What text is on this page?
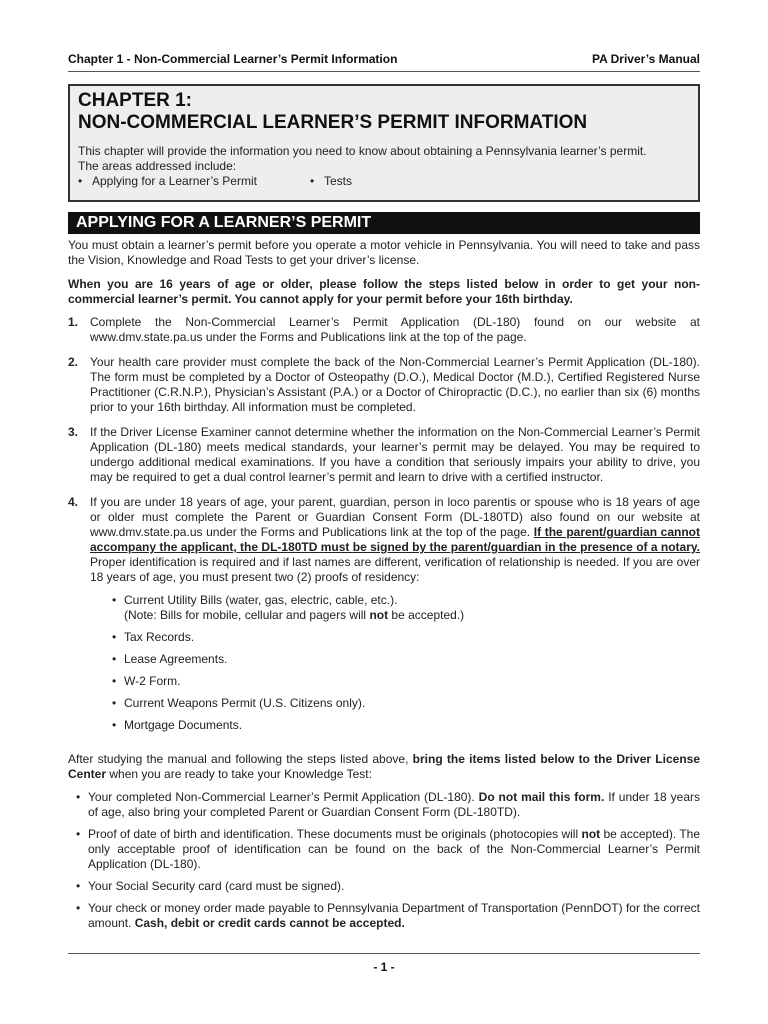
Chapter 1 - Non-Commercial Learner’s Permit Information	PA Driver’s Manual
CHAPTER 1:
NON-COMMERCIAL LEARNER’S PERMIT INFORMATION
This chapter will provide the information you need to know about obtaining a Pennsylvania learner’s permit. The areas addressed include:
• Applying for a Learner’s Permit	• Tests
APPLYING FOR A LEARNER’S PERMIT

You must obtain a learner’s permit before you operate a motor vehicle in Pennsylvania. You will need to take and pass the Vision, Knowledge and Road Tests to get your driver’s license.

When you are 16 years of age or older, please follow the steps listed below in order to get your non-commercial learner’s permit. You cannot apply for your permit before your 16th birthday.

1. Complete the Non-Commercial Learner’s Permit Application (DL-180) found on our website at www.dmv.state.pa.us under the Forms and Publications link at the top of the page.
2. Your health care provider must complete the back of the Non-Commercial Learner’s Permit Application (DL-180). The form must be completed by a Doctor of Osteopathy (D.O.), Medical Doctor (M.D.), Certified Registered Nurse Practitioner (C.R.N.P.), Physician’s Assistant (P.A.) or a Doctor of Chiropractic (D.C.), no earlier than six (6) months prior to your 16th birthday. All information must be completed.
3. If the Driver License Examiner cannot determine whether the information on the Non-Commercial Learner’s Permit Application (DL-180) meets medical standards, your learner’s permit may be delayed. You may be required to undergo additional medical examinations. If you have a condition that seriously impairs your ability to drive, you may be required to get a dual control learner’s permit and learn to drive with a certified instructor.
4. If you are under 18 years of age, your parent, guardian, person in loco parentis or spouse who is 18 years of age or older must complete the Parent or Guardian Consent Form (DL-180TD) also found on our website at www.dmv.state.pa.us under the Forms and Publications link at the top of the page. If the parent/guardian cannot accompany the applicant, the DL-180TD must be signed by the parent/guardian in the presence of a notary. Proper identification is required and if last names are different, verification of relationship is needed. If you are over 18 years of age, you must present two (2) proofs of residency:
• Current Utility Bills (water, gas, electric, cable, etc.).
(Note: Bills for mobile, cellular and pagers will not be accepted.)
• Tax Records.
• Lease Agreements.
• W-2 Form.
• Current Weapons Permit (U.S. Citizens only).
• Mortgage Documents.

After studying the manual and following the steps listed above, bring the items listed below to the Driver License Center when you are ready to take your Knowledge Test:

• Your completed Non-Commercial Learner’s Permit Application (DL-180). Do not mail this form. If under 18 years of age, also bring your completed Parent or Guardian Consent Form (DL-180TD).
• Proof of date of birth and identification. These documents must be originals (photocopies will not be accepted). The only acceptable proof of identification can be found on the back of the Non-Commercial Learner’s Permit Application (DL-180).
• Your Social Security card (card must be signed).
• Your check or money order made payable to Pennsylvania Department of Transportation (PennDOT) for the correct amount. Cash, debit or credit cards cannot be accepted.
- 1 -
